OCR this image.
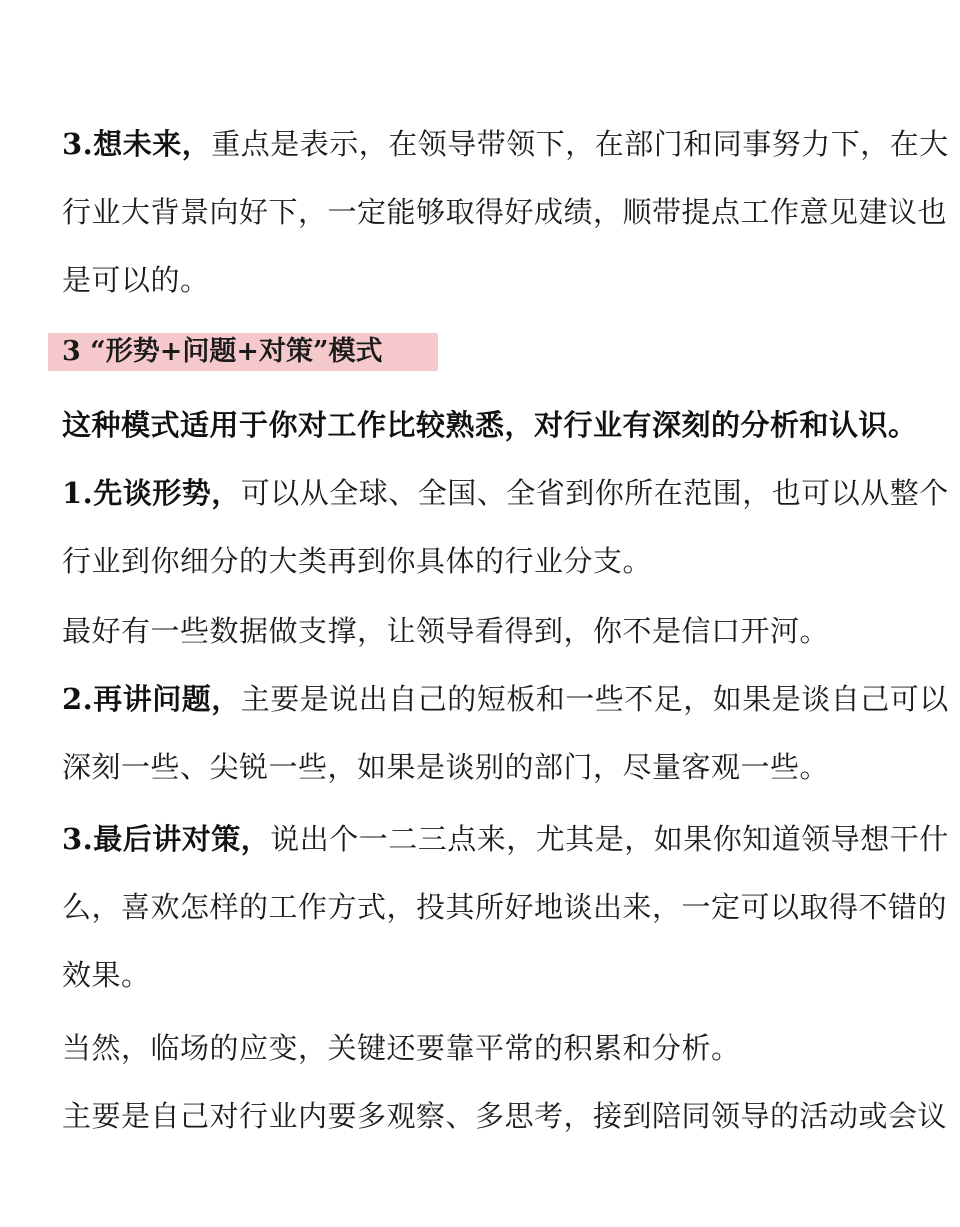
3.想未来，重点是表示，在领导带领下，在部门和同事努力下，在大
行业大背景向好下，一定能够取得好成绩，顺带提点工作意见建议也
是可以的。
3 “形势+问题+对策”模式
这种模式适用于你对工作比较熟悉，对行业有深刻的分析和认识。
1.先谈形势，可以从全球、全国、全省到你所在范围，也可以从整个
行业到你细分的大类再到你具体的行业分支。
最好有一些数据做支撑，让领导看得到，你不是信口开河。
2.再讲问题，主要是说出自己的短板和一些不足，如果是谈自己可以
深刻一些、尖锐一些，如果是谈别的部门，尽量客观一些。
3.最后讲对策，说出个一二三点来，尤其是，如果你知道领导想干什
么，喜欢怎样的工作方式，投其所好地谈出来，一定可以取得不错的
效果。
当然，临场的应变，关键还要靠平常的积累和分析。
主要是自己对行业内要多观察、多思考，接到陪同领导的活动或会议
